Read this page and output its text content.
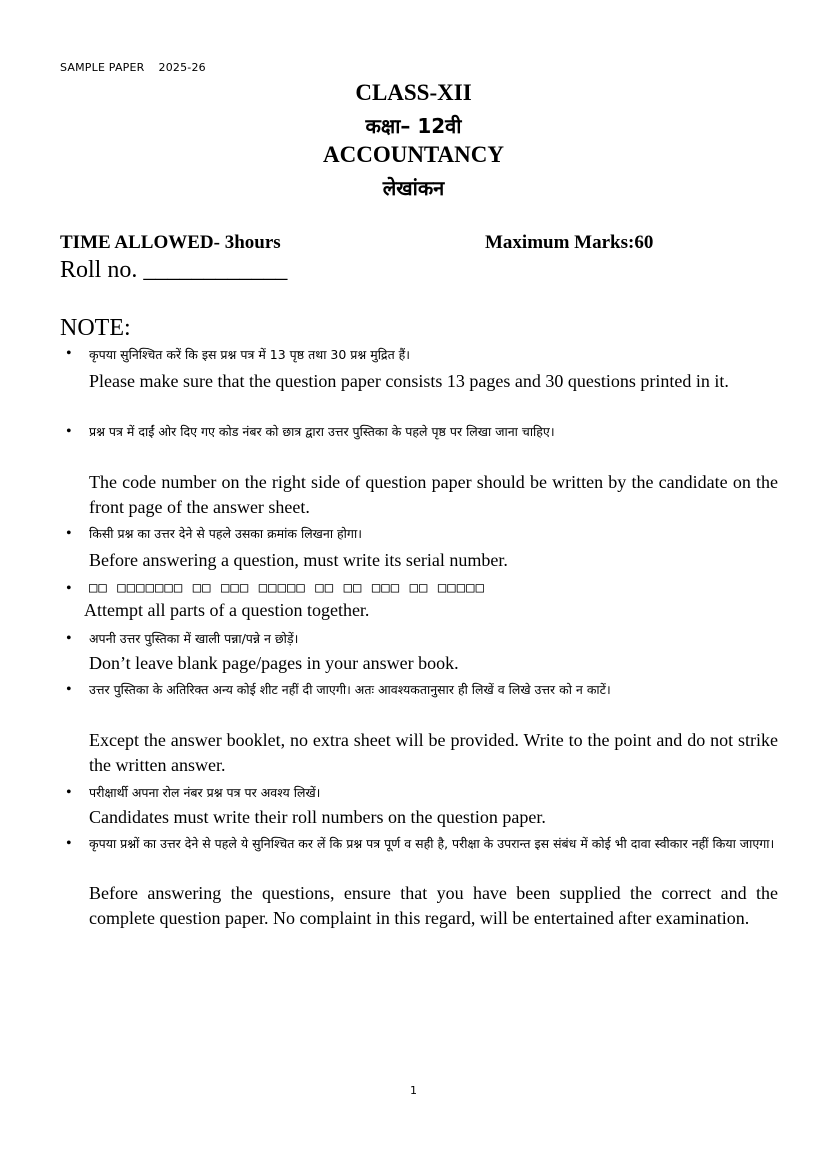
SAMPLE PAPER 2025-26
CLASS-XII
कक्षा– 12वी
ACCOUNTANCY
लेखांकन
TIME ALLOWED- 3hours	Maximum Marks:60
Roll no. ____________
NOTE:
• कृपया सुनिश्चित करें कि इस प्रश्न पत्र में 13 पृष्ठ तथा 30 प्रश्न मुद्रित हैं।
Please make sure that the question paper consists 13 pages and 30 questions printed in it.
• प्रश्न पत्र में दाईं ओर दिए गए कोड नंबर को छात्र द्वारा उत्तर पुस्तिका के पहले पृष्ठ पर लिखा जाना चाहिए।
The code number on the right side of question paper should be written by the candidate on the front page of the answer sheet.
• किसी प्रश्न का उत्तर देने से पहले उसका क्रमांक लिखना होगा।
Before answering a question, must write its serial number.
• □□ □□□□□□□ □□ □□□ □□□□□ □□ □□ □□□ □□ □□□□□
Attempt all parts of a question together.
• अपनी उत्तर पुस्तिका में खाली पन्ना/पन्ने न छोड़ें।
Don’t leave blank page/pages in your answer book.
• उत्तर पुस्तिका के अतिरिक्त अन्य कोई शीट नहीं दी जाएगी। अतः आवश्यकतानुसार ही लिखें व लिखे उत्तर को न काटें।
Except the answer booklet, no extra sheet will be provided. Write to the point and do not strike the written answer.
• परीक्षार्थी अपना रोल नंबर प्रश्न पत्र पर अवश्य लिखें।
Candidates must write their roll numbers on the question paper.
• कृपया प्रश्नों का उत्तर देने से पहले ये सुनिश्चित कर लें कि प्रश्न पत्र पूर्ण व सही है, परीक्षा के उपरान्त इस संबंध में कोई भी दावा स्वीकार नहीं किया जाएगा।
Before answering the questions, ensure that you have been supplied the correct and the complete question paper. No complaint in this regard, will be entertained after examination.
1
